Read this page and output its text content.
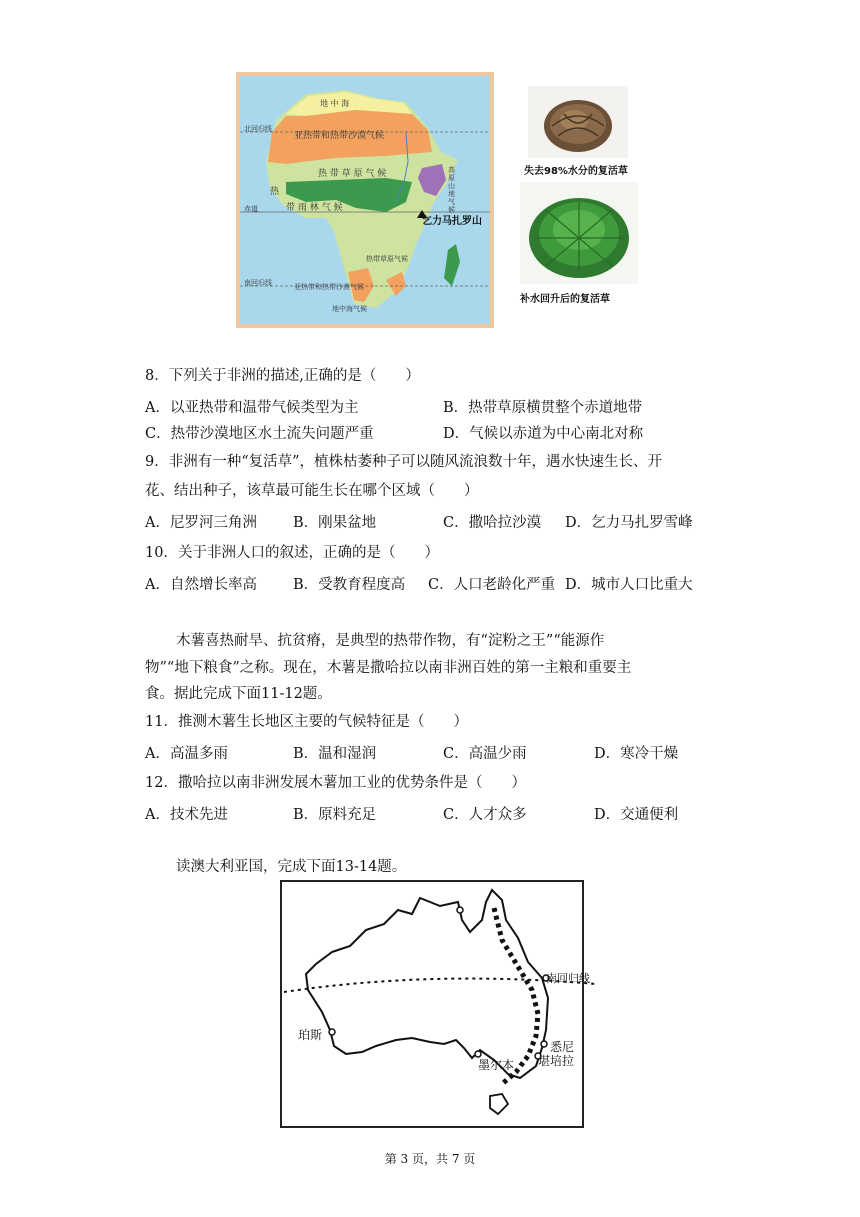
北回归线
赤道
南回归线
地 中 海
亚热带和热带沙漠气候
热 带 草 原 气 候
热
带 雨 林 气 候
高原山地气候
乞力马扎罗山
热带草原气候
亚热带和热带沙漠气候
地中海气候
失去98%水分的复活草
补水回升后的复活草
8．下列关于非洲的描述,正确的是（　　）
A．以亚热带和温带气候类型为主	B．热带草原横贯整个赤道地带
C．热带沙漠地区水土流失问题严重	D．气候以赤道为中心南北对称
9．非洲有一种“复活草”，植株枯萎种子可以随风流浪数十年，遇水快速生长、开
花、结出种子，该草最可能生长在哪个区域（　　）
A．尼罗河三角洲 B．刚果盆地	C．撒哈拉沙漠 D．乞力马扎罗雪峰
10．关于非洲人口的叙述，正确的是（　　）
A．自然增长率高 B．受教育程度高 C．人口老龄化严重 D．城市人口比重大
木薯喜热耐旱、抗贫瘠，是典型的热带作物，有“淀粉之王”“能源作
物”“地下粮食”之称。现在，木薯是撒哈拉以南非洲百姓的第一主粮和重要主
食。据此完成下面11-12题。
11．推测木薯生长地区主要的气候特征是（　　）
A．高温多雨	B．温和湿润	C．高温少雨	D．寒冷干燥
12．撒哈拉以南非洲发展木薯加工业的优势条件是（　　）
A．技术先进	B．原料充足	C．人才众多	D．交通便利
读澳大利亚国，完成下面13-14题。
南回归线
珀斯
墨尔本
悉尼
堪培拉
第 3 页，共 7 页
